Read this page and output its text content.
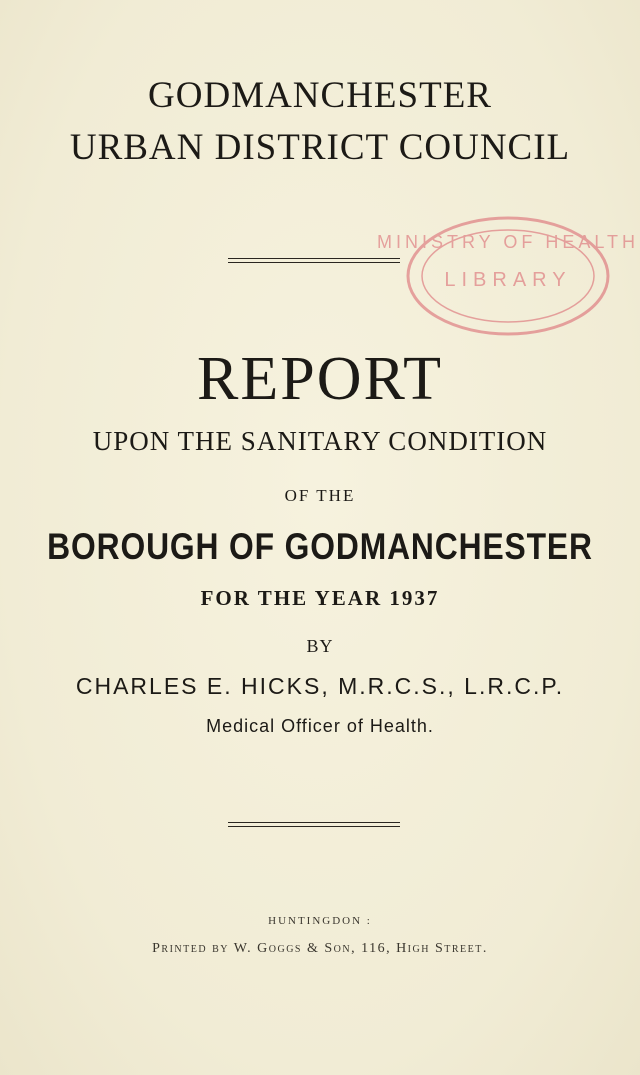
GODMANCHESTER
URBAN DISTRICT COUNCIL
MINISTRY OF HEALTH
LIBRARY
REPORT
UPON THE SANITARY CONDITION
OF THE
BOROUGH OF GODMANCHESTER
FOR THE YEAR 1937
BY
CHARLES E. HICKS, M.R.C.S., L.R.C.P.
Medical Officer of Health.
HUNTINGDON :
Printed by W. Goggs & Son, 116, High Street.
